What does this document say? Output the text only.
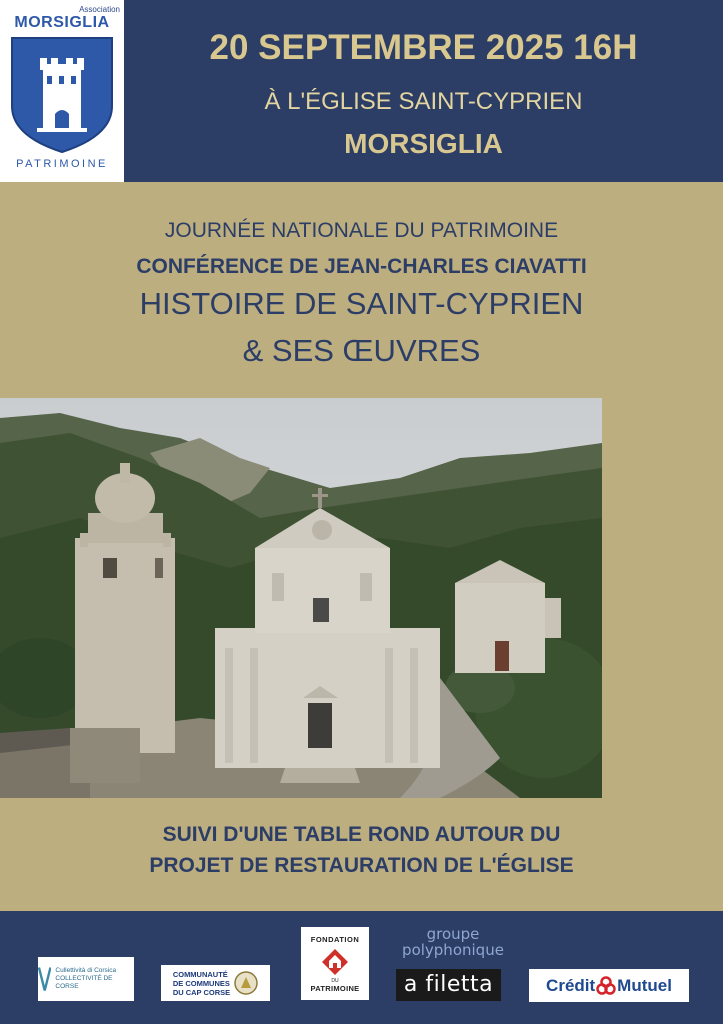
Association
MORSIGLIA
PATRIMOINE
20 SEPTEMBRE 2025 16H
À L'ÉGLISE SAINT-CYPRIEN
MORSIGLIA
JOURNÉE NATIONALE DU PATRIMOINE
CONFÉRENCE DE JEAN-CHARLES CIAVATTI
HISTOIRE DE SAINT-CYPRIEN
& SES ŒUVRES
SUIVI D'UNE TABLE ROND AUTOUR DU
PROJET DE RESTAURATION DE L'ÉGLISE
Cullettività di Corsica
COLLECTIVITÉ DE CORSE
COMMUNAUTÉ
DE COMMUNES
DU CAP CORSE
FONDATION
DU
PATRIMOINE
groupe
polyphonique
a filetta	Crédit Mutuel
